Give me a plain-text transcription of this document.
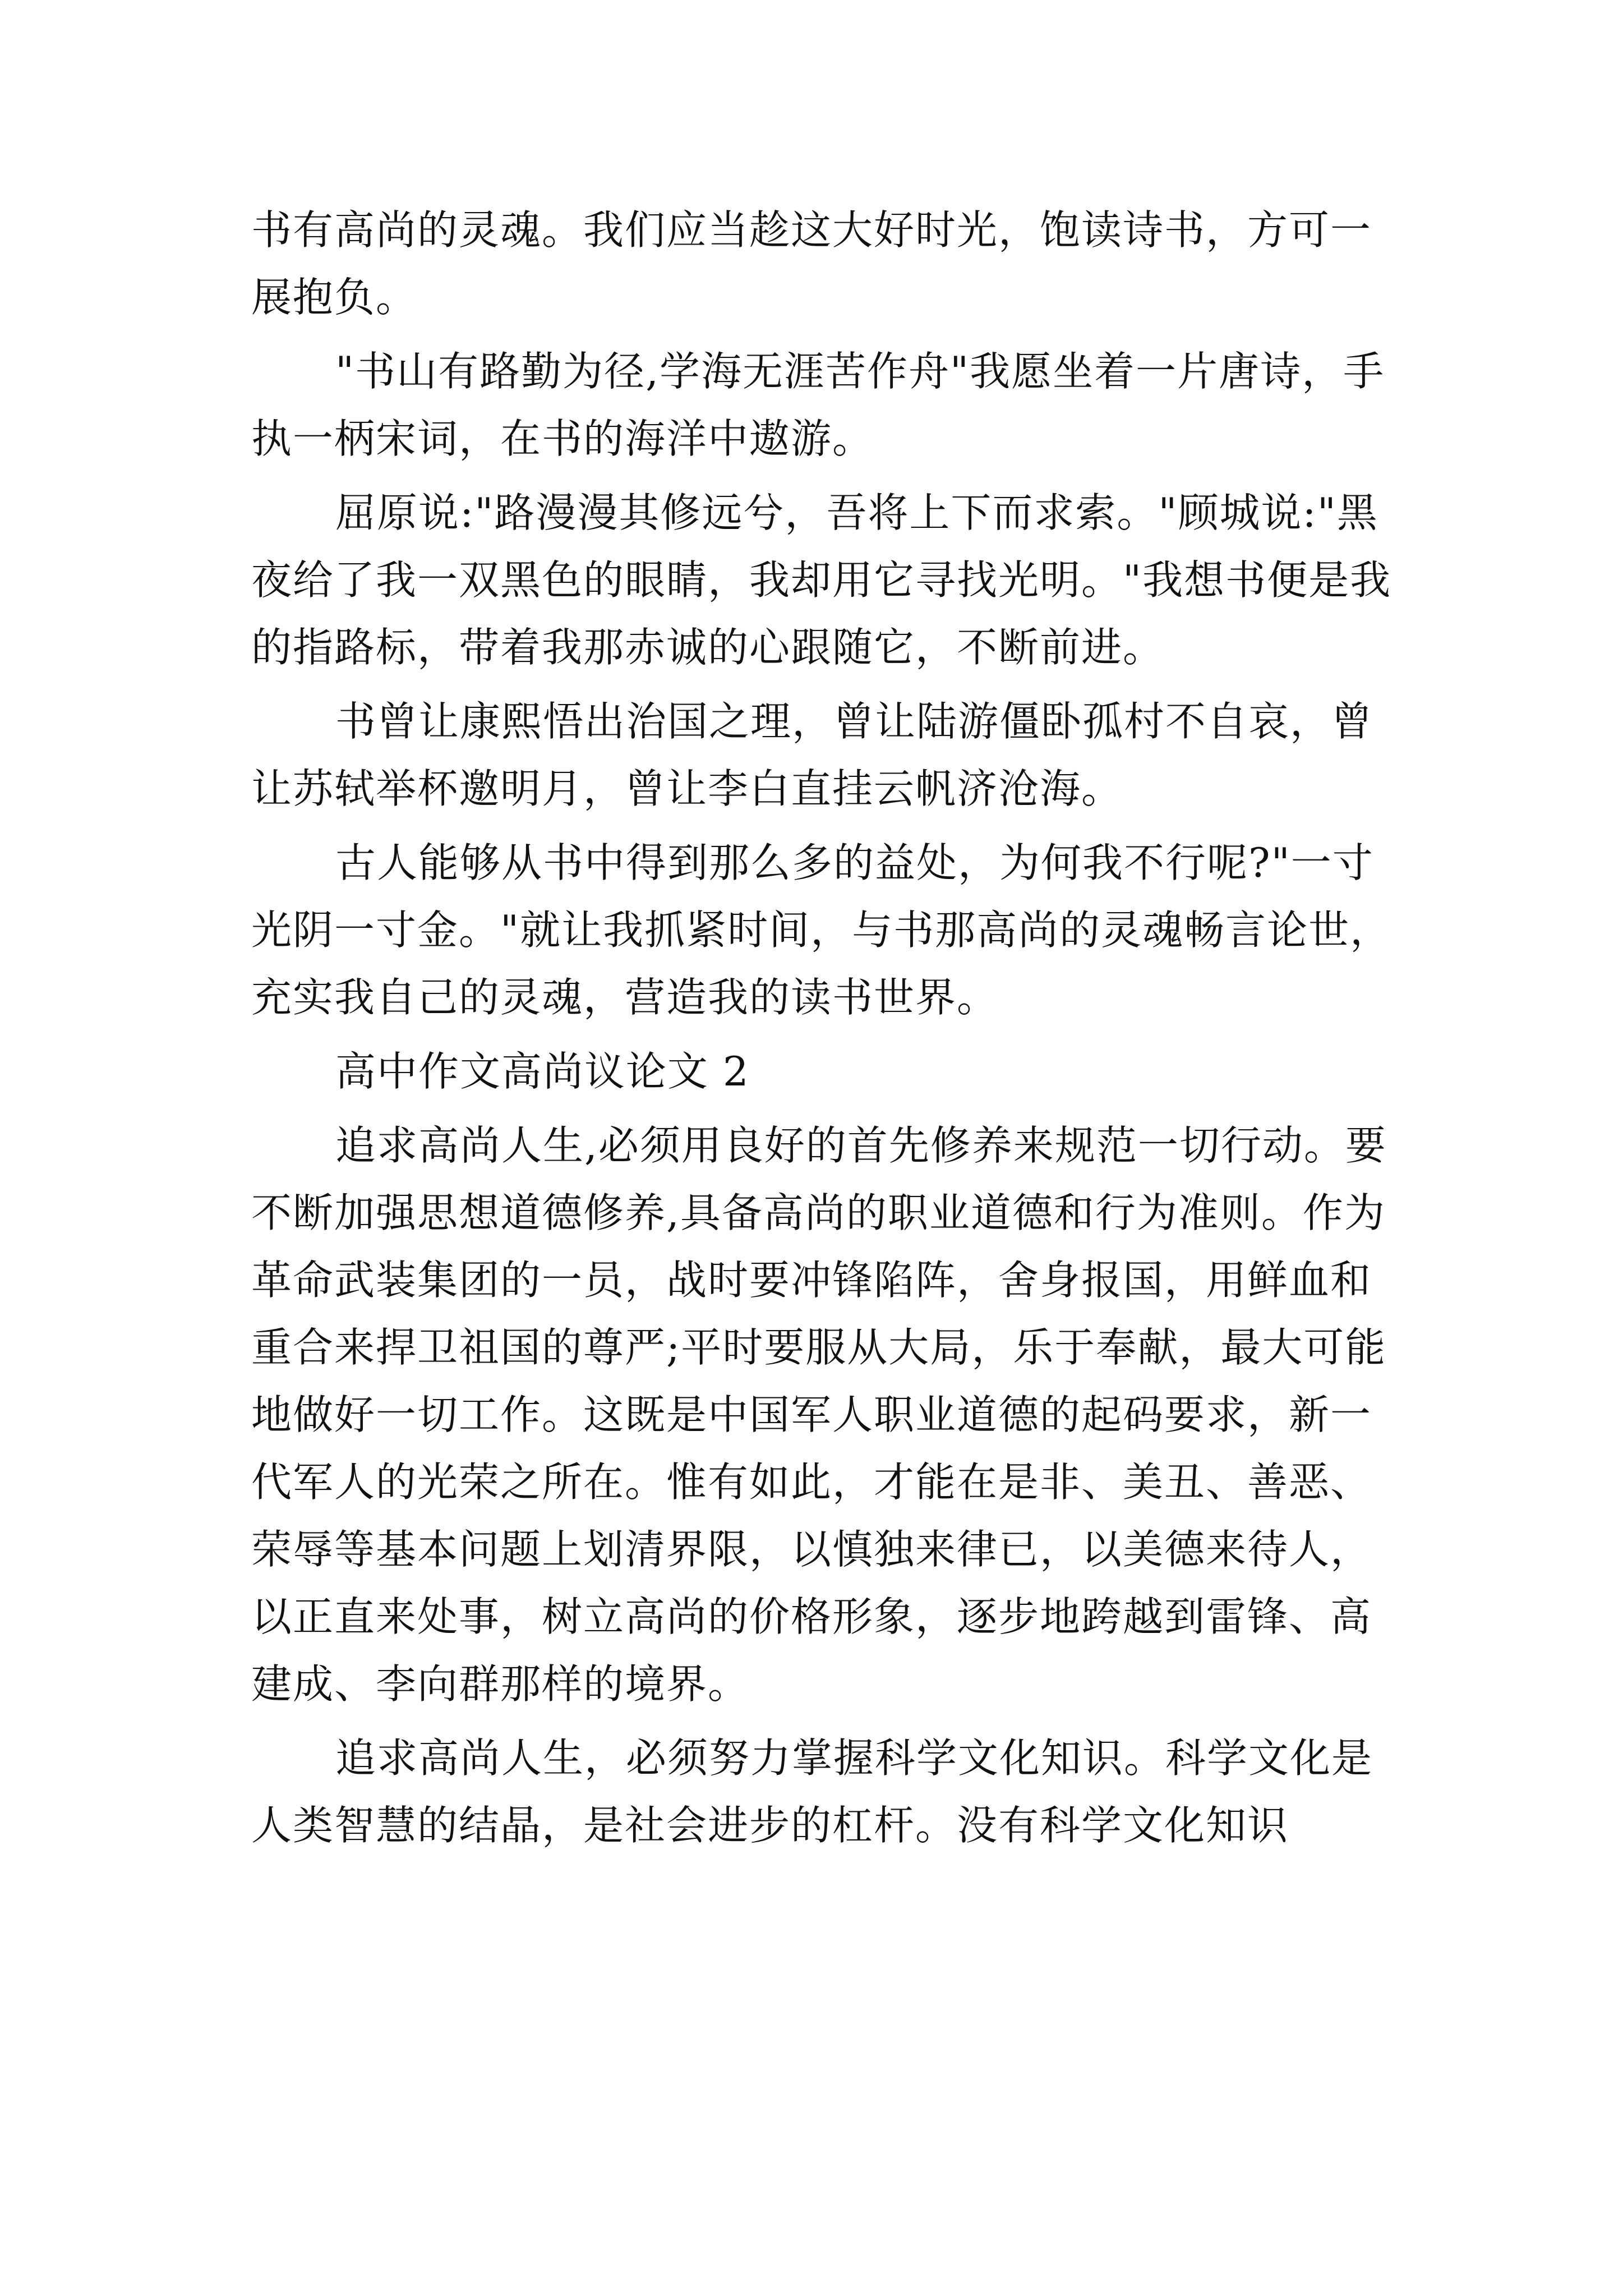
书有高尚的灵魂。我们应当趁这大好时光，饱读诗书，方可一展抱负。

"书山有路勤为径,学海无涯苦作舟"我愿坐着一片唐诗，手执一柄宋词，在书的海洋中遨游。

屈原说:"路漫漫其修远兮，吾将上下而求索。"顾城说:"黑夜给了我一双黑色的眼睛，我却用它寻找光明。"我想书便是我的指路标，带着我那赤诚的心跟随它，不断前进。

书曾让康熙悟出治国之理，曾让陆游僵卧孤村不自哀，曾让苏轼举杯邀明月，曾让李白直挂云帆济沧海。

古人能够从书中得到那么多的益处，为何我不行呢?"一寸光阴一寸金。"就让我抓紧时间，与书那高尚的灵魂畅言论世，充实我自己的灵魂，营造我的读书世界。

高中作文高尚议论文 2

追求高尚人生,必须用良好的首先修养来规范一切行动。要不断加强思想道德修养,具备高尚的职业道德和行为准则。作为革命武装集团的一员，战时要冲锋陷阵，舍身报国，用鲜血和重合来捍卫祖国的尊严;平时要服从大局，乐于奉献，最大可能地做好一切工作。这既是中国军人职业道德的起码要求，新一代军人的光荣之所在。惟有如此，才能在是非、美丑、善恶、荣辱等基本问题上划清界限，以慎独来律已，以美德来待人，以正直来处事，树立高尚的价格形象，逐步地跨越到雷锋、高建成、李向群那样的境界。

追求高尚人生，必须努力掌握科学文化知识。科学文化是人类智慧的结晶，是社会进步的杠杆。没有科学文化知识
